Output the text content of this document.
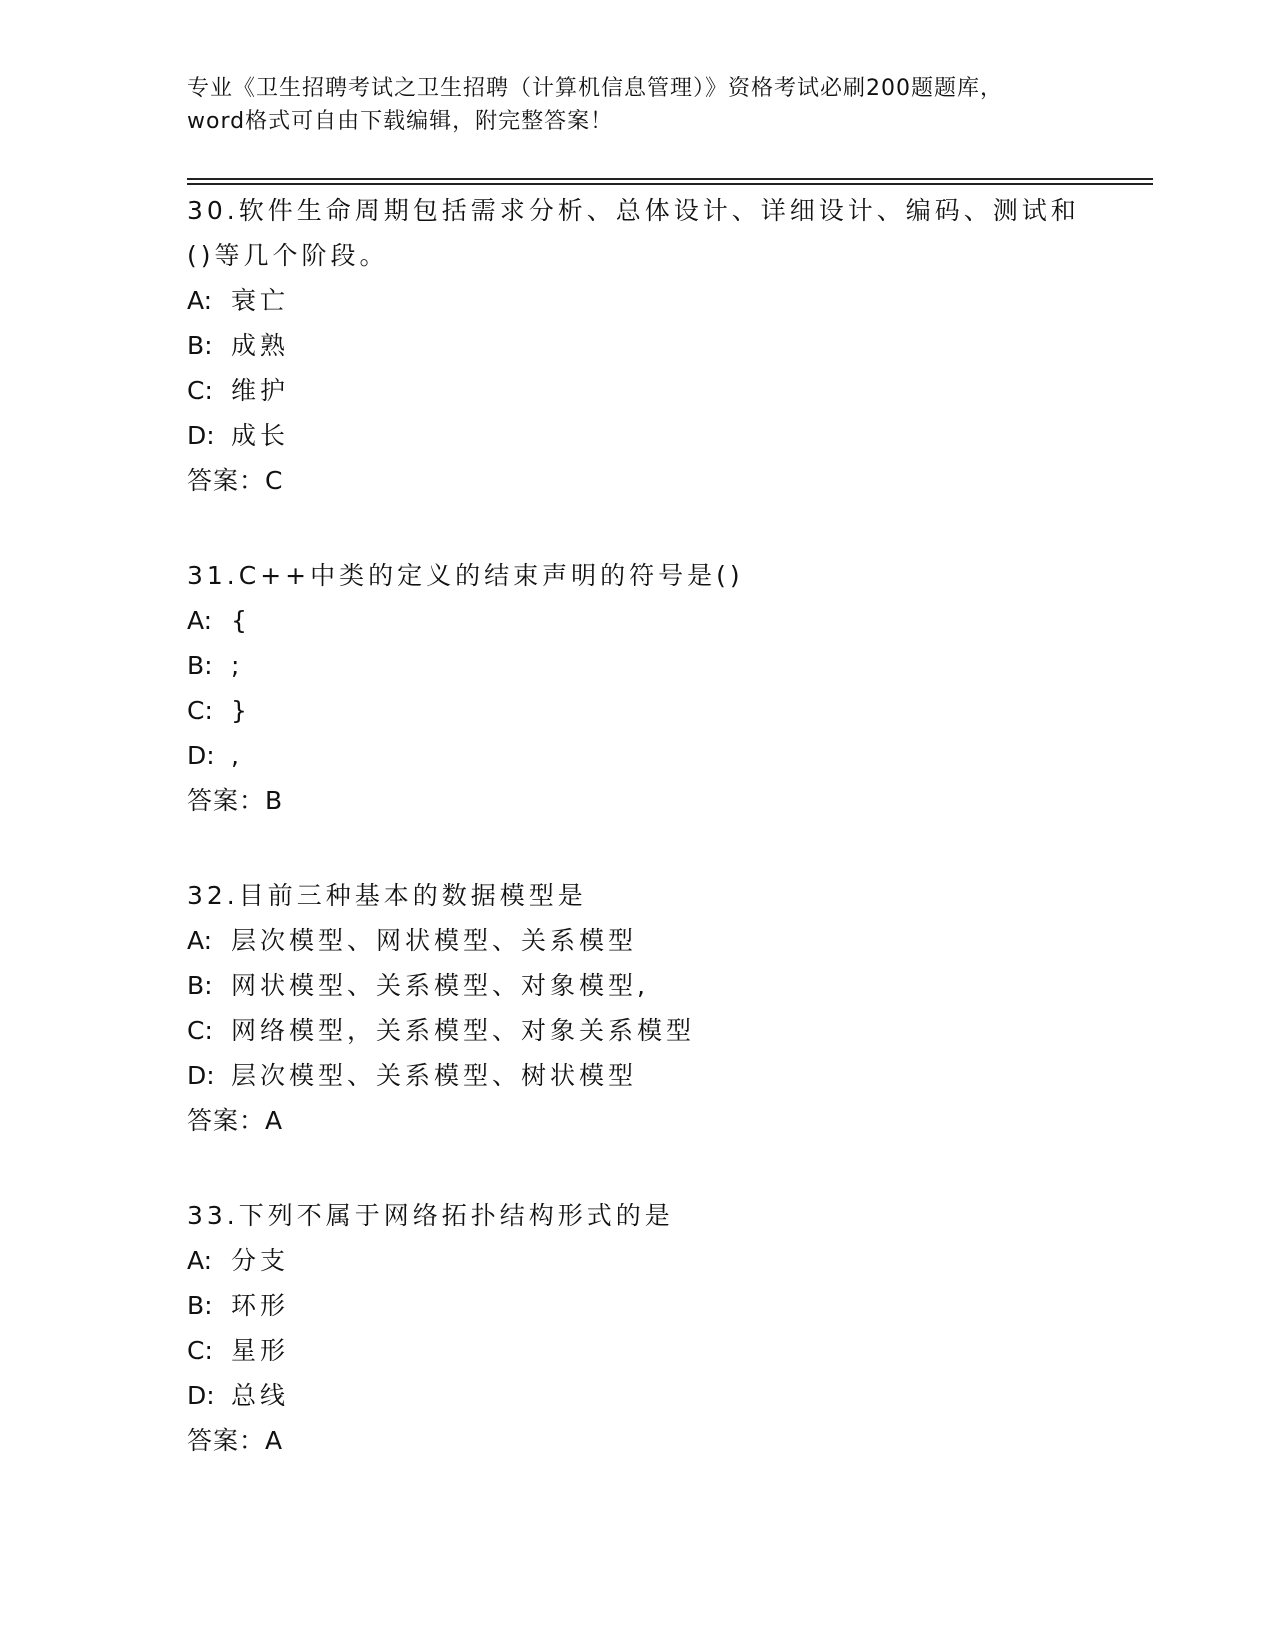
专业《卫生招聘考试之卫生招聘（计算机信息管理）》资格考试必刷200题题库，
word格式可自由下载编辑，附完整答案！
30.软件生命周期包括需求分析、总体设计、详细设计、编码、测试和
()等几个阶段。
A: 衰亡
B: 成熟
C: 维护
D: 成长
答案：C
31.C++中类的定义的结束声明的符号是()
A: {
B: ;
C: }
D: ,
答案：B
32.目前三种基本的数据模型是
A: 层次模型、网状模型、关系模型
B: 网状模型、关系模型、对象模型,
C: 网络模型，关系模型、对象关系模型
D: 层次模型、关系模型、树状模型
答案：A
33.下列不属于网络拓扑结构形式的是
A: 分支
B: 环形
C: 星形
D: 总线
答案：A
